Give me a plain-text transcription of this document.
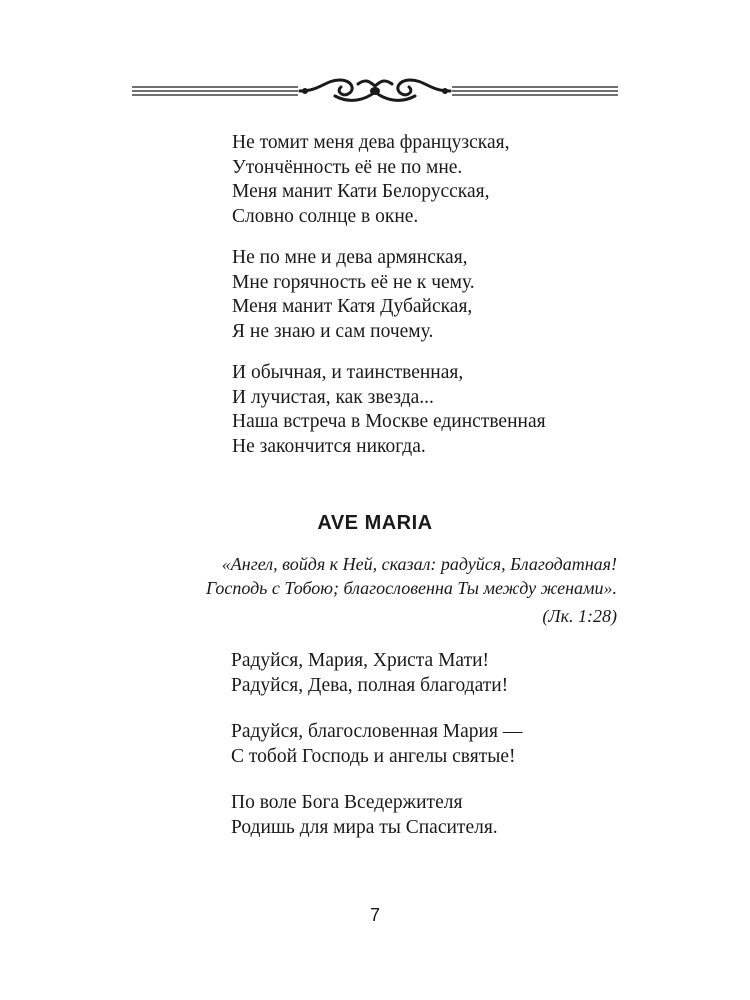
Не томит меня дева французская,
Утончённость её не по мне.
Меня манит Кати Белорусская,
Словно солнце в окне.
Не по мне и дева армянская,
Мне горячность её не к чему.
Меня манит Катя Дубайская,
Я не знаю и сам почему.
И обычная, и таинственная,
И лучистая, как звезда...
Наша встреча в Москве единственная
Не закончится никогда.
AVE MARIA
«Ангел, войдя к Ней, сказал: радуйся, Благодатная!
Господь с Тобою; благословенна Ты между женами».
(Лк. 1:28)
Радуйся, Мария, Христа Мати!
Радуйся, Дева, полная благодати!
Радуйся, благословенная Мария —
С тобой Господь и ангелы святые!
По воле Бога Вседержителя
Родишь для мира ты Спасителя.
7
